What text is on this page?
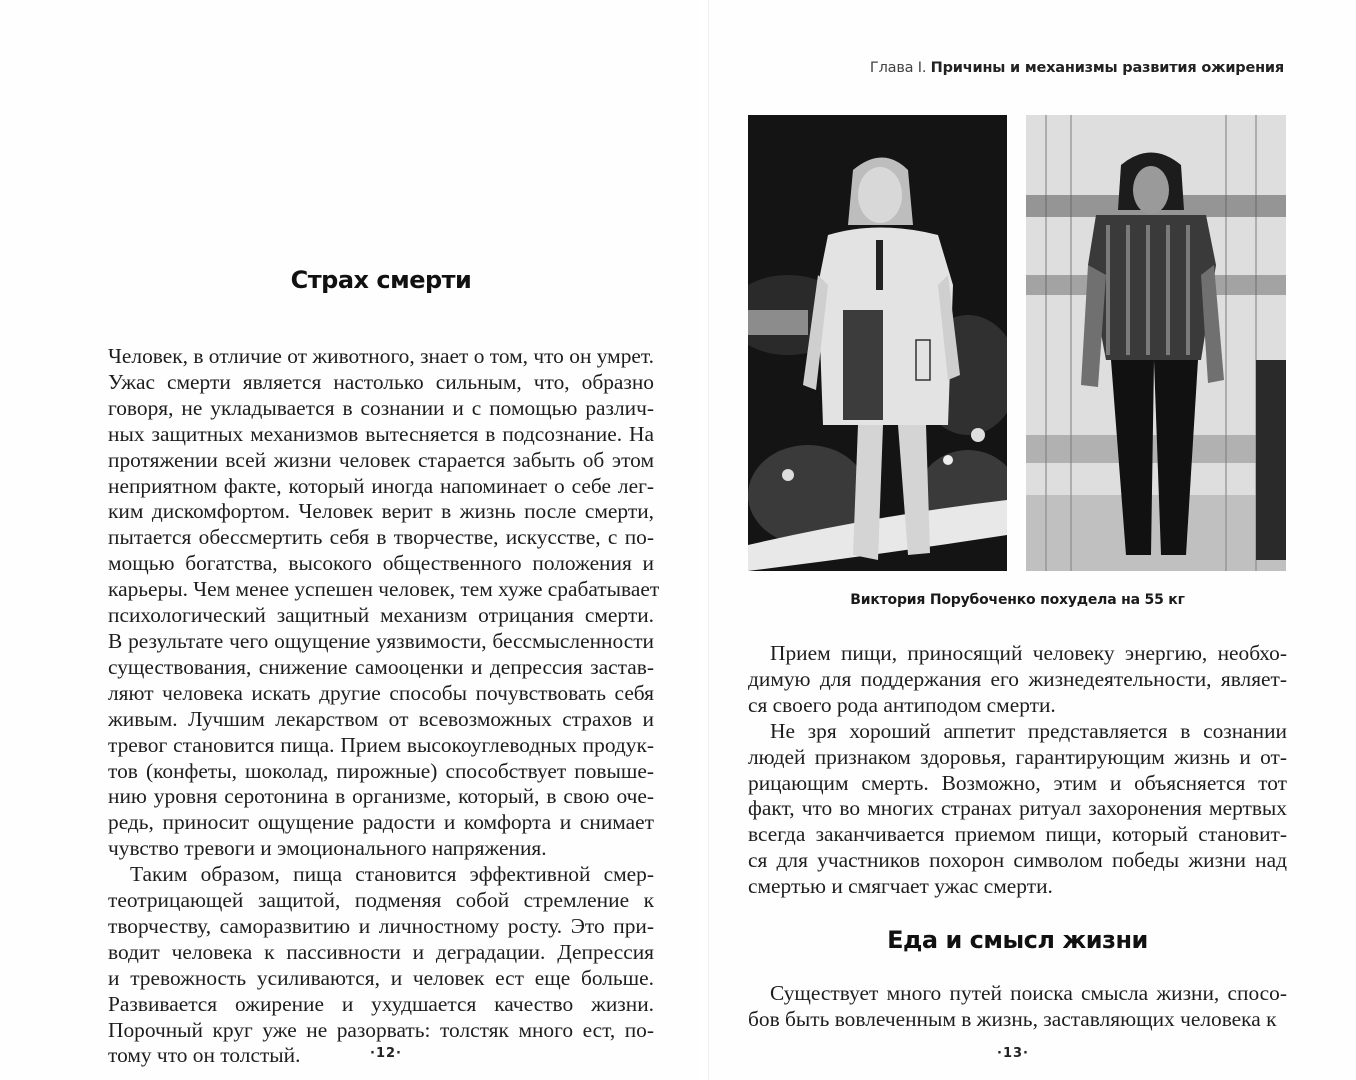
Страх смерти
Человек, в отличие от животного, знает о том, что он умрет.
Ужас смерти является настолько сильным, что, образно
говоря, не укладывается в сознании и с помощью различ-
ных защитных механизмов вытесняется в подсознание. На
протяжении всей жизни человек старается забыть об этом
неприятном факте, который иногда напоминает о себе лег-
ким дискомфортом. Человек верит в жизнь после смерти,
пытается обессмертить себя в творчестве, искусстве, с по-
мощью богатства, высокого общественного положения и
карьеры. Чем менее успешен человек, тем хуже срабатывает
психологический защитный механизм отрицания смерти.
В результате чего ощущение уязвимости, бессмысленности
существования, снижение самооценки и депрессия застав-
ляют человека искать другие способы почувствовать себя
живым. Лучшим лекарством от всевозможных страхов и
тревог становится пища. Прием высокоуглеводных продук-
тов (конфеты, шоколад, пирожные) способствует повыше-
нию уровня серотонина в организме, который, в свою оче-
редь, приносит ощущение радости и комфорта и снимает
чувство тревоги и эмоционального напряжения.
Таким образом, пища становится эффективной смер-
теотрицающей защитой, подменяя собой стремление к
творчеству, саморазвитию и личностному росту. Это при-
водит человека к пассивности и деградации. Депрессия
и тревожность усиливаются, и человек ест еще больше.
Развивается ожирение и ухудшается качество жизни.
Порочный круг уже не разорвать: толстяк много ест, по-
тому что он толстый.	·12·
Глава I. Причины и механизмы развития ожирения
Виктория Порубоченко похудела на 55 кг
Прием пищи, приносящий человеку энергию, необхо-
димую для поддержания его жизнедеятельности, являет-
ся своего рода антиподом смерти.
Не зря хороший аппетит представляется в сознании
людей признаком здоровья, гарантирующим жизнь и от-
рицающим смерть. Возможно, этим и объясняется тот
факт, что во многих странах ритуал захоронения мертвых
всегда заканчивается приемом пищи, который становит-
ся для участников похорон символом победы жизни над
смертью и смягчает ужас смерти.
Еда и смысл жизни
Существует много путей поиска смысла жизни, спосо-
бов быть вовлеченным в жизнь, заставляющих человека к
·13·
